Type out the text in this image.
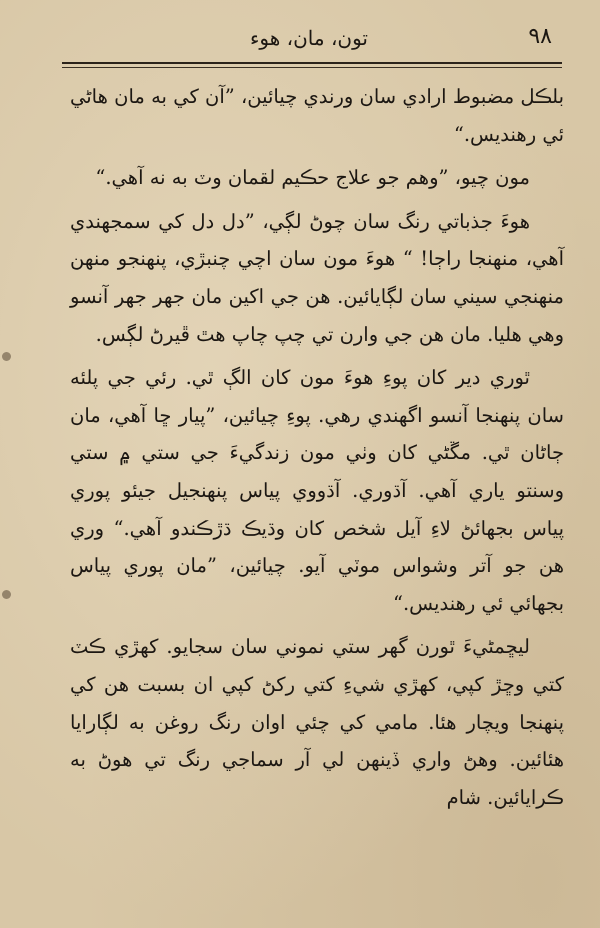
٩٨
تون، مان، هوء

بلڪل مضبوط ارادي سان ورندي چيائين، ”آن کي به مان هاڻي ئي رهنديس.“

مون چيو، ”وهم جو علاج حڪيم لقمان وٽ به نه آهي.“

هوءَ جذباتي رنگ سان چوڻ لڳي، ”دل دل کي سمجهندي آهي، منهنجا راڄا! “ هوءَ مون سان اچي چنبڙي، پنهنجو منهن منهنجي سيني سان لڳايائين. هن جي اکين مان جهر جهر آنسو وهي هليا. مان هن جي وارن تي چپ چاپ هٿ ڦيرڻ لڳس.

ٿوري دير کان پوءِ هوءَ مون کان الڳ ٿي. رئي جي پلئه سان پنهنجا آنسو اگهندي رهي. پوءِ چيائين، ”پيار ڇا آهي، مان ڄاڻان ٿي. مڱڻي کان وٺي مون زندگيءَ جي ستي ۾ ستي وسنتو ياري آهي. آڌوري. آڌووي پياس پنهنجيل جيئو پوري پياس بجهائڻ لاءِ آيل شخص کان وڌيڪ ڌڙڪندو آهي.“ وري هن جو آتر وشواس موٽي آيو. چيائين، ”مان پوري پياس بجهائي ئي رهنديس.“

ليڇمڻيءَ ٿورن گهر ستي نموني سان سجايو. کهڙي ڪٽ کتي وڇڙ کپي، کهڙي شيءِ کتي رکڻ کپي ان بسبت هن کي پنهنجا ويچار هئا. مامي کي چئي اوان رنگ روغن به لڳارايا هئائين. وهڻ واري ڏينهن لي آر سماجي رنگ تي هوڻ به ڪرايائين. شام
